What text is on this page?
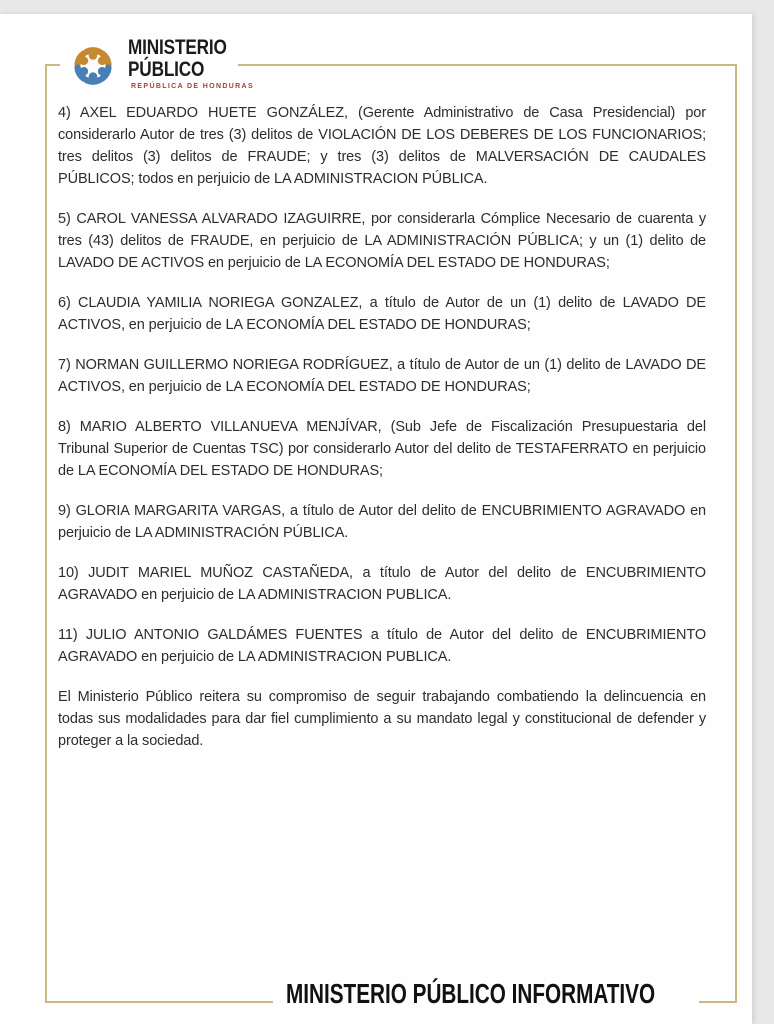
MINISTERIO
PÚBLICO
REPÚBLICA DE HONDURAS

4) AXEL EDUARDO HUETE GONZÁLEZ, (Gerente Administrativo de Casa Presidencial) por considerarlo Autor de tres (3) delitos de VIOLACIÓN DE LOS DEBERES DE LOS FUNCIONARIOS; tres delitos (3) delitos de FRAUDE; y tres (3) delitos de MALVERSACIÓN DE CAUDALES PÚBLICOS; todos en perjuicio de LA ADMINISTRACION PÚBLICA.

5) CAROL VANESSA ALVARADO IZAGUIRRE, por considerarla Cómplice Necesario de cuarenta y tres (43) delitos de FRAUDE, en perjuicio de LA ADMINISTRACIÓN PÚBLICA; y un (1) delito de LAVADO DE ACTIVOS en perjuicio de LA ECONOMÍA DEL ESTADO DE HONDURAS;

6) CLAUDIA YAMILIA NORIEGA GONZALEZ, a título de Autor de un (1) delito de LAVADO DE ACTIVOS, en perjuicio de LA ECONOMÍA DEL ESTADO DE HONDURAS;

7) NORMAN GUILLERMO NORIEGA RODRÍGUEZ, a título de Autor de un (1) delito de LAVADO DE ACTIVOS, en perjuicio de LA ECONOMÍA DEL ESTADO DE HONDURAS;

8) MARIO ALBERTO VILLANUEVA MENJÍVAR, (Sub Jefe de Fiscalización Presupuestaria del Tribunal Superior de Cuentas TSC) por considerarlo Autor del delito de TESTAFERRATO en perjuicio de LA ECONOMÍA DEL ESTADO DE HONDURAS;

9) GLORIA MARGARITA VARGAS, a título de Autor del delito de ENCUBRIMIENTO AGRAVADO en perjuicio de LA ADMINISTRACIÓN PÚBLICA.

10) JUDIT MARIEL MUÑOZ CASTAÑEDA, a título de Autor del delito de ENCUBRIMIENTO AGRAVADO en perjuicio de LA ADMINISTRACION PUBLICA.

11) JULIO ANTONIO GALDÁMES FUENTES a título de Autor del delito de ENCUBRIMIENTO AGRAVADO en perjuicio de LA ADMINISTRACION PUBLICA.

El Ministerio Público reitera su compromiso de seguir trabajando combatiendo la delincuencia en todas sus modalidades para dar fiel cumplimiento a su mandato legal y constitucional de defender y proteger a la sociedad.

MINISTERIO PÚBLICO INFORMATIVO
